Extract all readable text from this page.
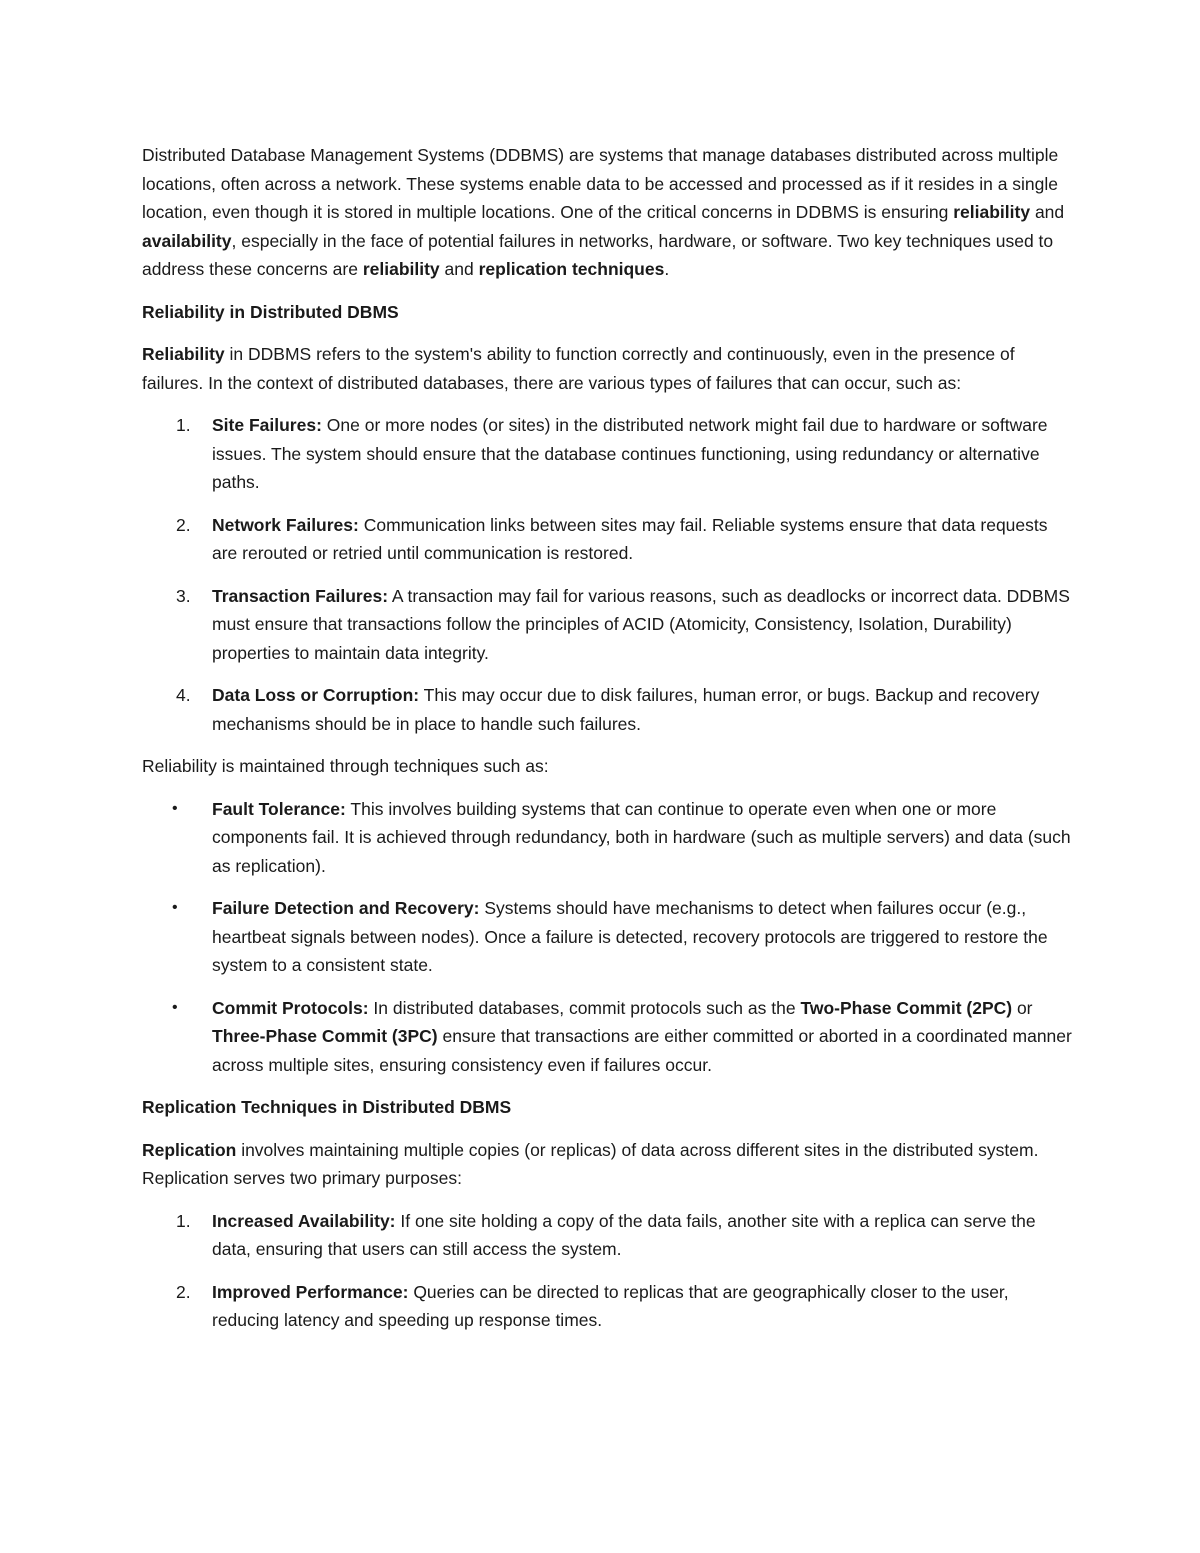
Distributed Database Management Systems (DDBMS) are systems that manage databases distributed across multiple locations, often across a network. These systems enable data to be accessed and processed as if it resides in a single location, even though it is stored in multiple locations. One of the critical concerns in DDBMS is ensuring reliability and availability, especially in the face of potential failures in networks, hardware, or software. Two key techniques used to address these concerns are reliability and replication techniques.

Reliability in Distributed DBMS

Reliability in DDBMS refers to the system's ability to function correctly and continuously, even in the presence of failures. In the context of distributed databases, there are various types of failures that can occur, such as:

1. Site Failures: One or more nodes (or sites) in the distributed network might fail due to hardware or software issues. The system should ensure that the database continues functioning, using redundancy or alternative paths.
2. Network Failures: Communication links between sites may fail. Reliable systems ensure that data requests are rerouted or retried until communication is restored.
3. Transaction Failures: A transaction may fail for various reasons, such as deadlocks or incorrect data. DDBMS must ensure that transactions follow the principles of ACID (Atomicity, Consistency, Isolation, Durability) properties to maintain data integrity.
4. Data Loss or Corruption: This may occur due to disk failures, human error, or bugs. Backup and recovery mechanisms should be in place to handle such failures.

Reliability is maintained through techniques such as:

• Fault Tolerance: This involves building systems that can continue to operate even when one or more components fail. It is achieved through redundancy, both in hardware (such as multiple servers) and data (such as replication).
• Failure Detection and Recovery: Systems should have mechanisms to detect when failures occur (e.g., heartbeat signals between nodes). Once a failure is detected, recovery protocols are triggered to restore the system to a consistent state.
• Commit Protocols: In distributed databases, commit protocols such as the Two-Phase Commit (2PC) or Three-Phase Commit (3PC) ensure that transactions are either committed or aborted in a coordinated manner across multiple sites, ensuring consistency even if failures occur.
Replication Techniques in Distributed DBMS

Replication involves maintaining multiple copies (or replicas) of data across different sites in the distributed system. Replication serves two primary purposes:

1. Increased Availability: If one site holding a copy of the data fails, another site with a replica can serve the data, ensuring that users can still access the system.
2. Improved Performance: Queries can be directed to replicas that are geographically closer to the user, reducing latency and speeding up response times.
